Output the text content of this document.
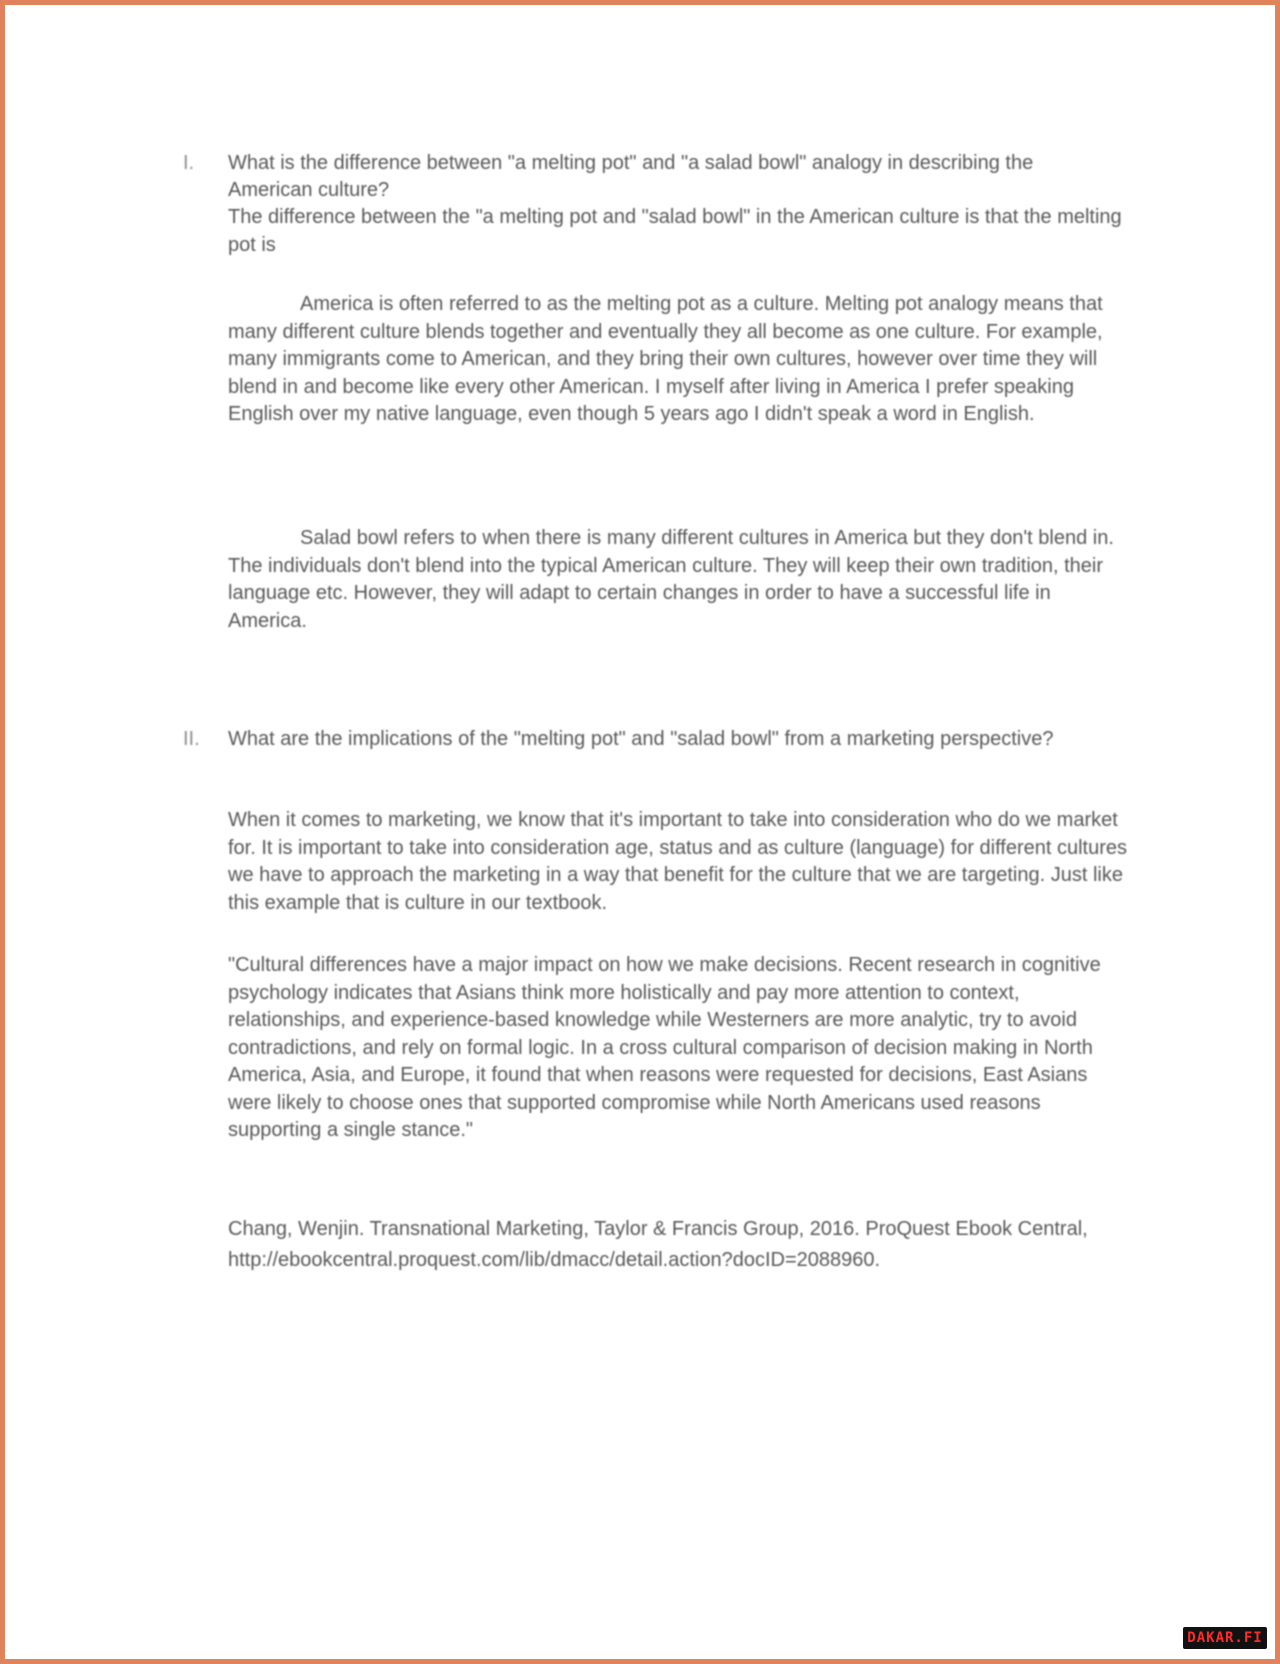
I.	What is the difference between "a melting pot" and "a salad bowl" analogy in describing the American culture?
The difference between the "a melting pot and "salad bowl" in the American culture is that the melting pot is
America is often referred to as the melting pot as a culture. Melting pot analogy means that many different culture blends together and eventually they all become as one culture. For example, many immigrants come to American, and they bring their own cultures, however over time they will blend in and become like every other American. I myself after living in America I prefer speaking English over my native language, even though 5 years ago I didn't speak a word in English.
Salad bowl refers to when there is many different cultures in America but they don't blend in. The individuals don't blend into the typical American culture. They will keep their own tradition, their language etc. However, they will adapt to certain changes in order to have a successful life in America.
II.	What are the implications of the "melting pot" and "salad bowl" from a marketing perspective?
When it comes to marketing, we know that it's important to take into consideration who do we market for. It is important to take into consideration age, status and as culture (language) for different cultures we have to approach the marketing in a way that benefit for the culture that we are targeting. Just like this example that is culture in our textbook.
"Cultural differences have a major impact on how we make decisions. Recent research in cognitive psychology indicates that Asians think more holistically and pay more attention to context, relationships, and experience-based knowledge while Westerners are more analytic, try to avoid contradictions, and rely on formal logic. In a cross cultural comparison of decision making in North America, Asia, and Europe, it found that when reasons were requested for decisions, East Asians were likely to choose ones that supported compromise while North Americans used reasons supporting a single stance."
Chang, Wenjin. Transnational Marketing, Taylor & Francis Group, 2016. ProQuest Ebook Central, http://ebookcentral.proquest.com/lib/dmacc/detail.action?docID=2088960.
DAKAR.FI
